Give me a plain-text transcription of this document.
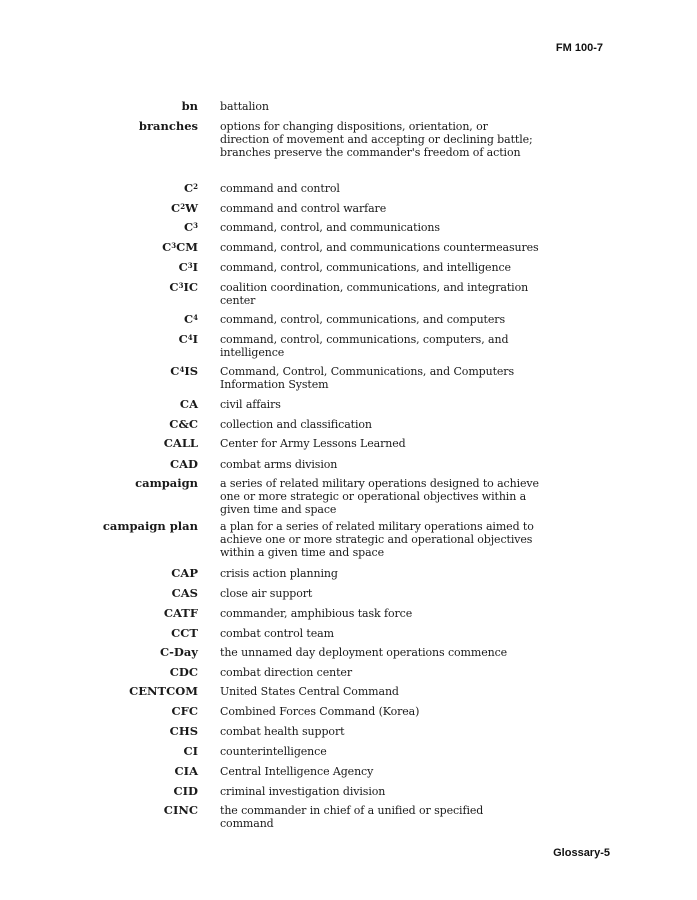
FM 100-7
bn battalion
branches options for changing dispositions, orientation, or direction of movement and accepting or declining battle; branches preserve the commander's freedom of action
$C^2$ command and control
$C^2W$ command and control warfare
$C^3$ command, control, and communications
$C^3CM$ command, control, and communications countermeasures
$C^3I$ command, control, communications, and intelligence
$C^3IC$ coalition coordination, communications, and integration center
$C^4$ command, control, communications, and computers
$C^4I$ command, control, communications, computers, and intelligence
$C^4IS$ Command, Control, Communications, and Computers Information System
CA civil affairs
C&C collection and classification
CALL Center for Army Lessons Learned
CAD combat arms division
campaign a series of related military operations designed to achieve one or more strategic or operational objectives within a given time and space
campaign plan a plan for a series of related military operations aimed to achieve one or more strategic and operational objectives within a given time and space
CAP crisis action planning
CAS close air support
CATF commander, amphibious task force
CCT combat control team
C-Day the unnamed day deployment operations commence
CDC combat direction center
CENTCOM United States Central Command
CFC Combined Forces Command (Korea)
CHS combat health support
CI counterintelligence
CIA Central Intelligence Agency
CID criminal investigation division
CINC the commander in chief of a unified or specified command
Glossary-5
